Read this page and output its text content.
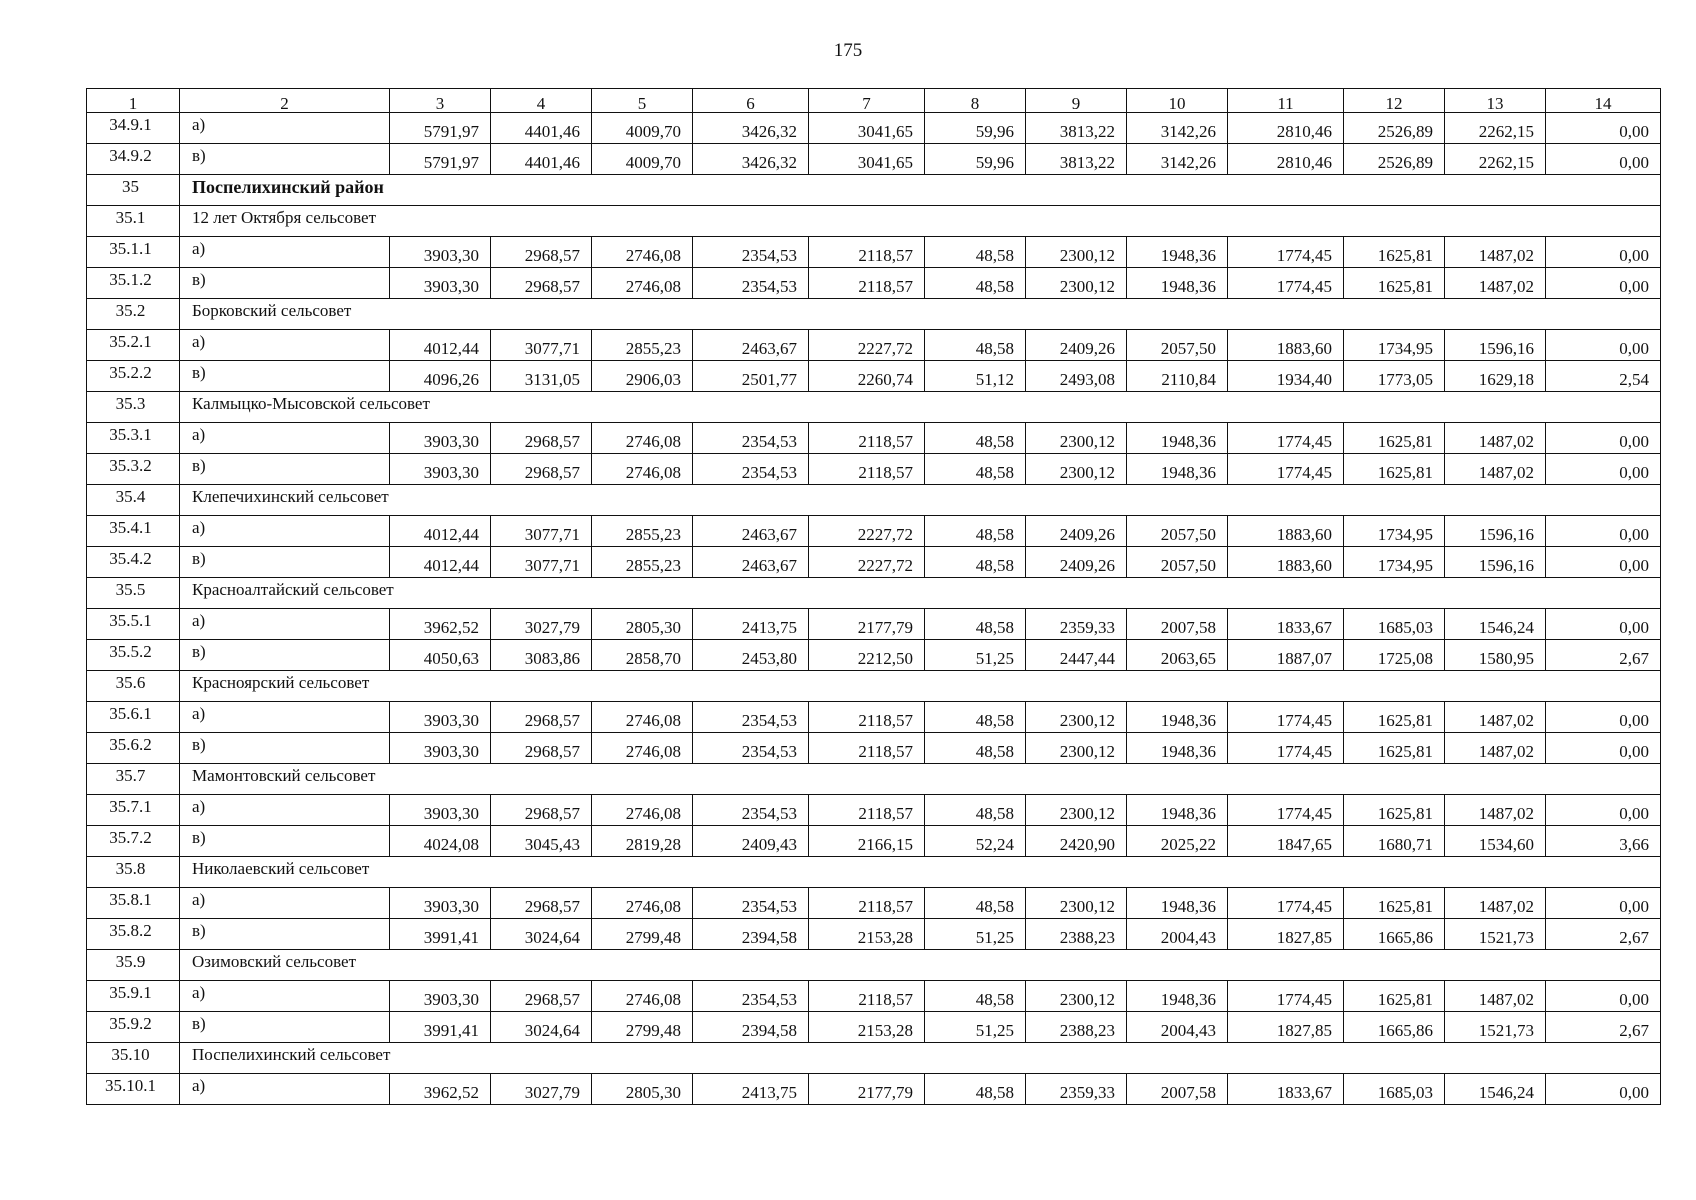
175
1	2	3	4	5	6	7	8	9	10	11	12	13	14
34.9.1	а)	5791,97	4401,46	4009,70	3426,32	3041,65	59,96	3813,22	3142,26	2810,46	2526,89	2262,15	0,00
34.9.2	в)	5791,97	4401,46	4009,70	3426,32	3041,65	59,96	3813,22	3142,26	2810,46	2526,89	2262,15	0,00
35	Поспелихинский район												
35.1	12 лет Октября сельсовет												
35.1.1	а)	3903,30	2968,57	2746,08	2354,53	2118,57	48,58	2300,12	1948,36	1774,45	1625,81	1487,02	0,00
35.1.2	в)	3903,30	2968,57	2746,08	2354,53	2118,57	48,58	2300,12	1948,36	1774,45	1625,81	1487,02	0,00
35.2	Борковский сельсовет												
35.2.1	а)	4012,44	3077,71	2855,23	2463,67	2227,72	48,58	2409,26	2057,50	1883,60	1734,95	1596,16	0,00
35.2.2	в)	4096,26	3131,05	2906,03	2501,77	2260,74	51,12	2493,08	2110,84	1934,40	1773,05	1629,18	2,54
35.3	Калмыцко-Мысовской сельсовет												
35.3.1	а)	3903,30	2968,57	2746,08	2354,53	2118,57	48,58	2300,12	1948,36	1774,45	1625,81	1487,02	0,00
35.3.2	в)	3903,30	2968,57	2746,08	2354,53	2118,57	48,58	2300,12	1948,36	1774,45	1625,81	1487,02	0,00
35.4	Клепечихинский сельсовет												
35.4.1	а)	4012,44	3077,71	2855,23	2463,67	2227,72	48,58	2409,26	2057,50	1883,60	1734,95	1596,16	0,00
35.4.2	в)	4012,44	3077,71	2855,23	2463,67	2227,72	48,58	2409,26	2057,50	1883,60	1734,95	1596,16	0,00
35.5	Красноалтайский сельсовет												
35.5.1	а)	3962,52	3027,79	2805,30	2413,75	2177,79	48,58	2359,33	2007,58	1833,67	1685,03	1546,24	0,00
35.5.2	в)	4050,63	3083,86	2858,70	2453,80	2212,50	51,25	2447,44	2063,65	1887,07	1725,08	1580,95	2,67
35.6	Красноярский сельсовет												
35.6.1	а)	3903,30	2968,57	2746,08	2354,53	2118,57	48,58	2300,12	1948,36	1774,45	1625,81	1487,02	0,00
35.6.2	в)	3903,30	2968,57	2746,08	2354,53	2118,57	48,58	2300,12	1948,36	1774,45	1625,81	1487,02	0,00
35.7	Мамонтовский сельсовет												
35.7.1	а)	3903,30	2968,57	2746,08	2354,53	2118,57	48,58	2300,12	1948,36	1774,45	1625,81	1487,02	0,00
35.7.2	в)	4024,08	3045,43	2819,28	2409,43	2166,15	52,24	2420,90	2025,22	1847,65	1680,71	1534,60	3,66
35.8	Николаевский сельсовет												
35.8.1	а)	3903,30	2968,57	2746,08	2354,53	2118,57	48,58	2300,12	1948,36	1774,45	1625,81	1487,02	0,00
35.8.2	в)	3991,41	3024,64	2799,48	2394,58	2153,28	51,25	2388,23	2004,43	1827,85	1665,86	1521,73	2,67
35.9	Озимовский сельсовет												
35.9.1	а)	3903,30	2968,57	2746,08	2354,53	2118,57	48,58	2300,12	1948,36	1774,45	1625,81	1487,02	0,00
35.9.2	в)	3991,41	3024,64	2799,48	2394,58	2153,28	51,25	2388,23	2004,43	1827,85	1665,86	1521,73	2,67
35.10	Поспелихинский сельсовет												
35.10.1	а)	3962,52	3027,79	2805,30	2413,75	2177,79	48,58	2359,33	2007,58	1833,67	1685,03	1546,24	0,00
